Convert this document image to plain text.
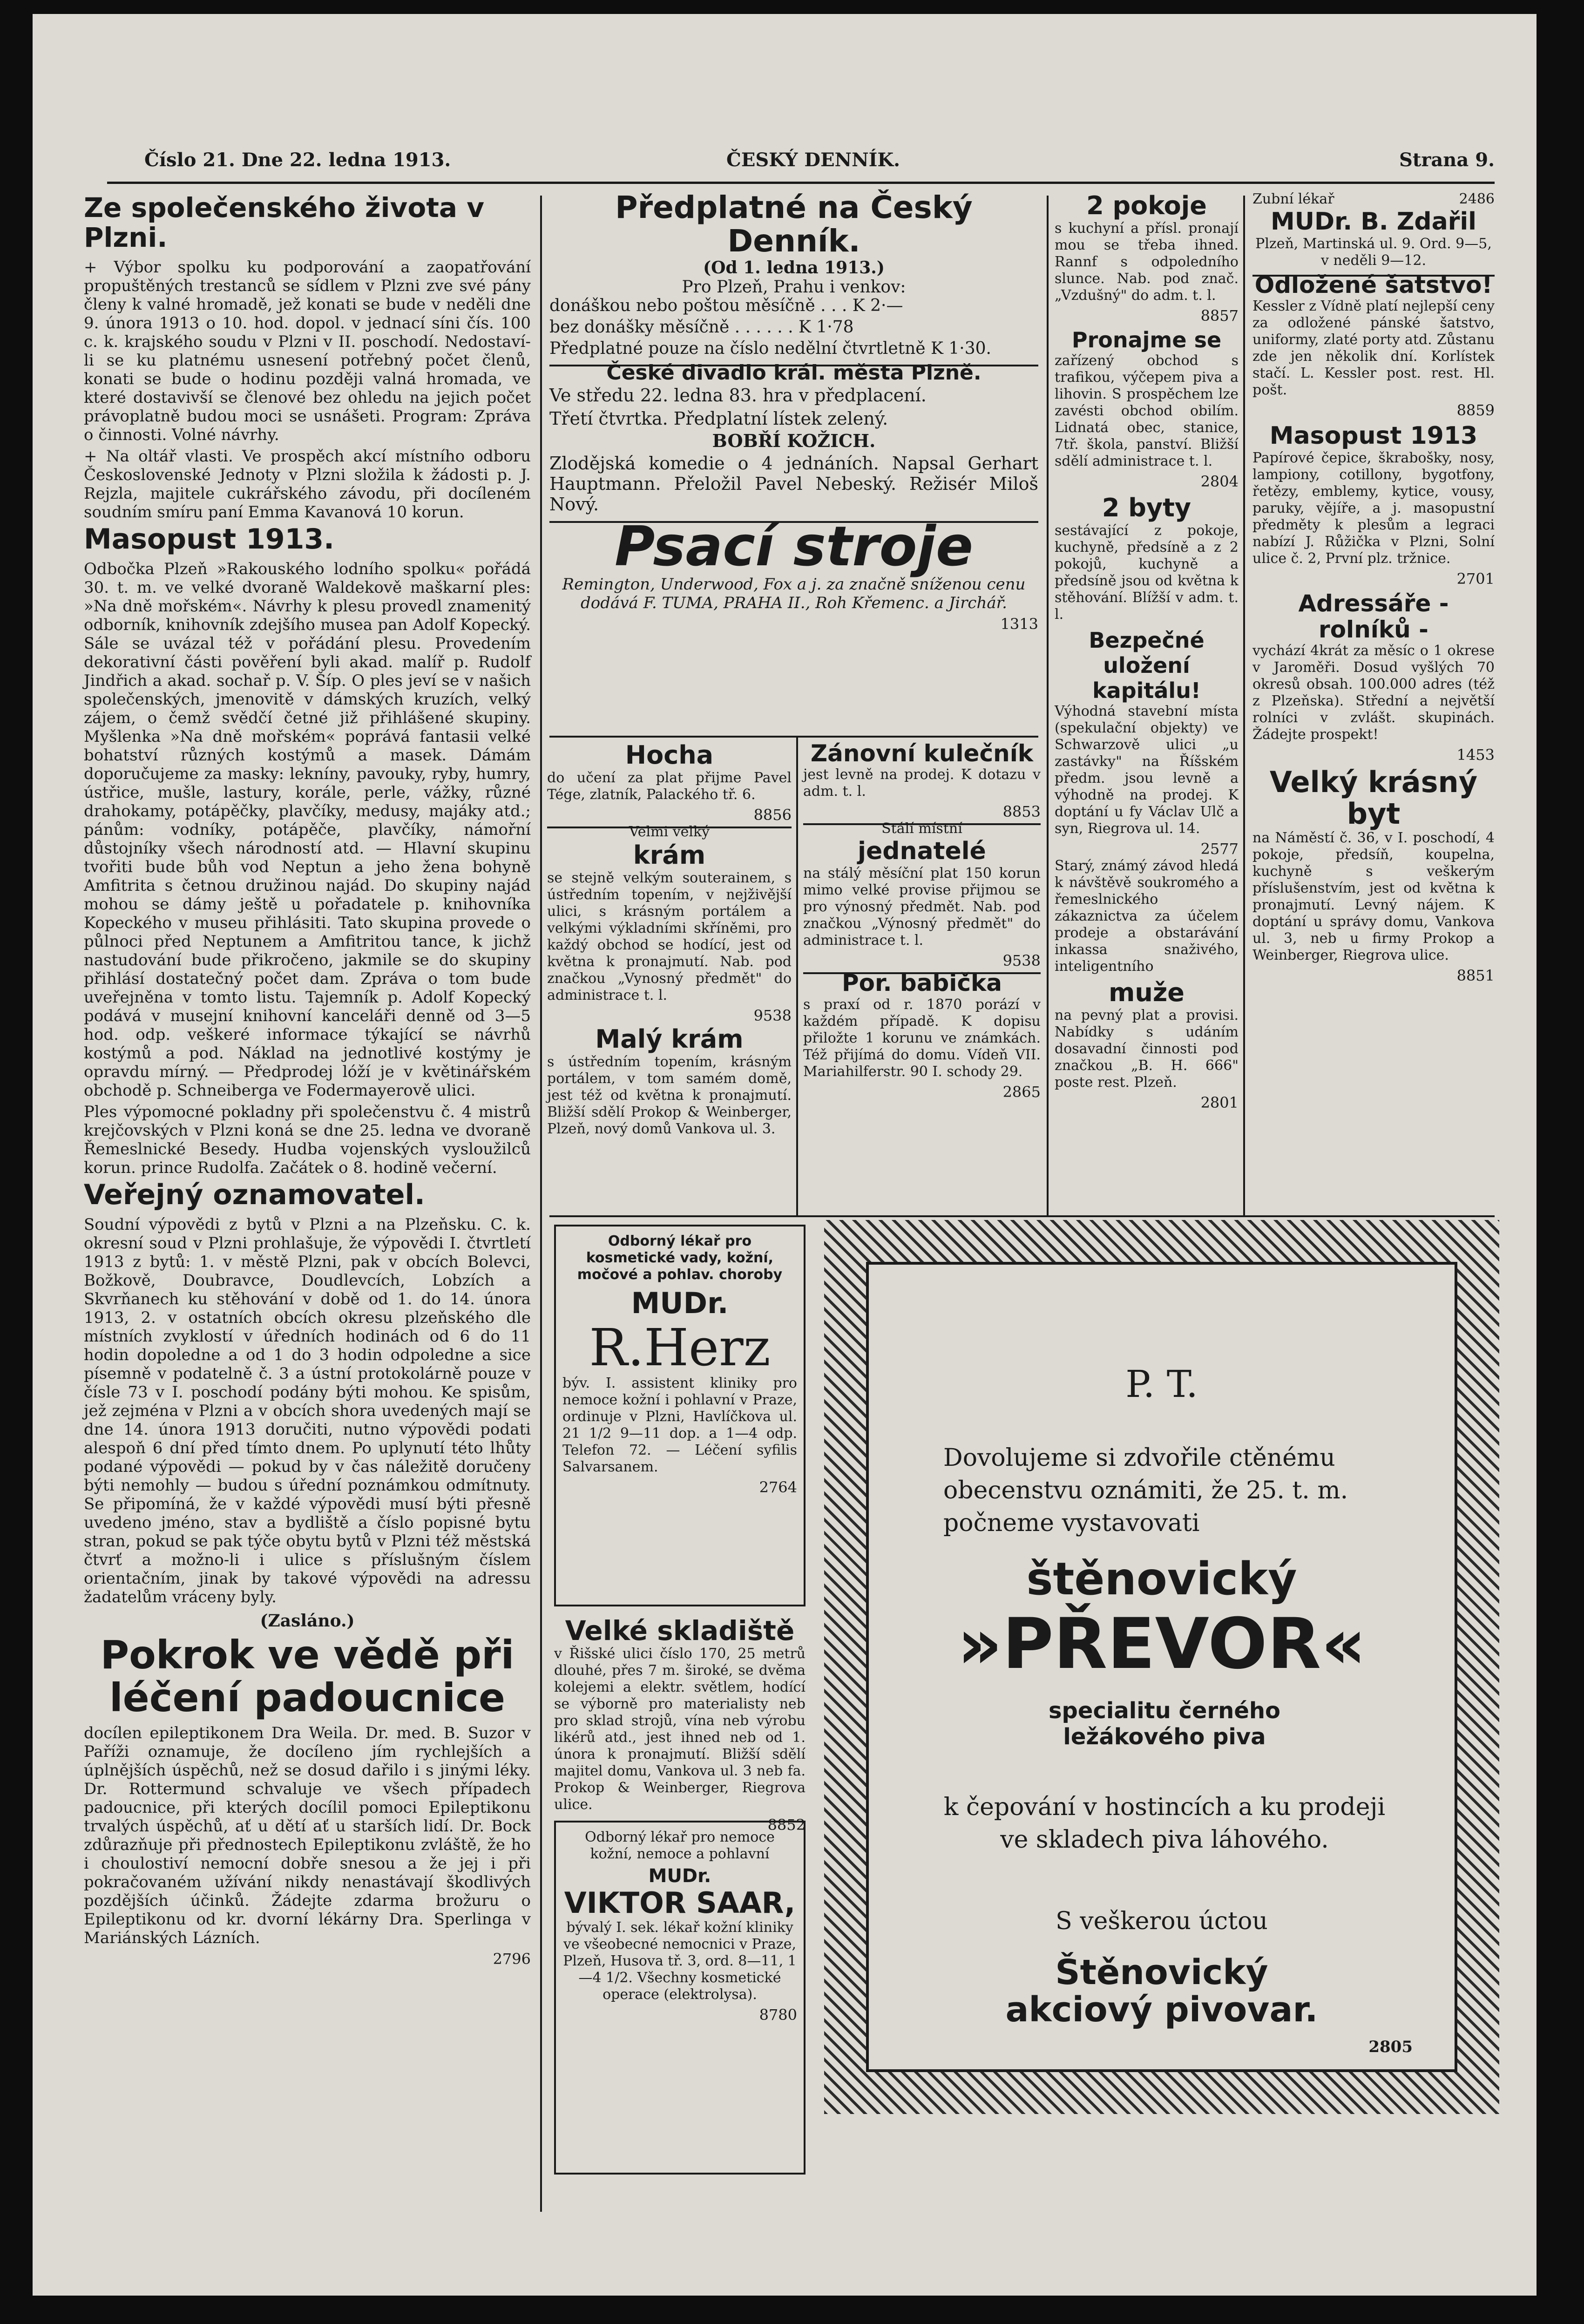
Číslo 21. Dne 22. ledna 1913.	ČESKÝ DENNÍK.	Strana 9.
Ze společenského života v Plzni.

+ Výbor spolku ku podporování a zaopatřování propuštěných trestanců se sídlem v Plzni zve své pány členy k valné hromadě, jež konati se bude v neděli dne 9. února 1913 o 10. hod. dopol. v jednací síni čís. 100 c. k. krajského soudu v Plzni v II. poschodí. Nedostaví-li se ku platnému usnesení potřebný počet členů, konati se bude o hodinu později valná hromada, ve které dostavivší se členové bez ohledu na jejich počet právoplatně budou moci se usnášeti. Program: Zpráva o činnosti. Volné návrhy.

+ Na oltář vlasti. Ve prospěch akcí místního odboru Československé Jednoty v Plzni složila k žádosti p. J. Rejzla, majitele cukrářského závodu, při docíleném soudním smíru paní Emma Kavanová 10 korun.

Masopust 1913.

Odbočka Plzeň »Rakouského lodního spolku« pořádá 30. t. m. ve velké dvoraně Waldekově maškarní ples: »Na dně mořském«. Návrhy k plesu provedl znamenitý odborník, knihovník zdejšího musea pan Adolf Kopecký. Sále se uvázal též v pořádání plesu. Provedením dekorativní části pověření byli akad. malíř p. Rudolf Jindřich a akad. sochař p. V. Šíp. O ples jeví se v našich společenských, jmenovitě v dámských kruzích, velký zájem, o čemž svědčí četné již přihlášené skupiny. Myšlenka »Na dně mořském« poprává fantasii velké bohatství různých kostýmů a masek. Dámám doporučujeme za masky: lekníny, pavouky, ryby, humry, ústřice, mušle, lastury, korále, perle, vážky, různé drahokamy, potápěčky, plavčíky, medusy, majáky atd.; pánům: vodníky, potápěče, plavčíky, námořní důstojníky všech národností atd. — Hlavní skupinu tvořiti bude bůh vod Neptun a jeho žena bohyně Amfitrita s četnou družinou najád. Do skupiny najád mohou se dámy ještě u pořadatele p. knihovníka Kopeckého v museu přihlásiti. Tato skupina provede o půlnoci před Neptunem a Amfitritou tance, k jichž nastudování bude přikročeno, jakmile se do skupiny přihlásí dostatečný počet dam. Zpráva o tom bude uveřejněna v tomto listu. Tajemník p. Adolf Kopecký podává v musejní knihovní kanceláři denně od 3—5 hod. odp. veškeré informace týkající se návrhů kostýmů a pod. Náklad na jednotlivé kostýmy je opravdu mírný. — Předprodej lóží je v květinářském obchodě p. Schneiberga ve Fodermayerově ulici.

Ples výpomocné pokladny při společenstvu č. 4 mistrů krejčovských v Plzni koná se dne 25. ledna ve dvoraně Řemeslnické Besedy. Hudba vojenských vysloužilců korun. prince Rudolfa. Začátek o 8. hodině večerní.

Veřejný oznamovatel.

Soudní výpovědi z bytů v Plzni a na Plzeňsku. C. k. okresní soud v Plzni prohlašuje, že výpovědi I. čtvrtletí 1913 z bytů: 1. v městě Plzni, pak v obcích Bolevci, Božkově, Doubravce, Doudlevcích, Lobzích a Skvrňanech ku stěhování v době od 1. do 14. února 1913, 2. v ostatních obcích okresu plzeňského dle místních zvyklostí v úředních hodinách od 6 do 11 hodin dopoledne a od 1 do 3 hodin odpoledne a sice písemně v podatelně č. 3 a ústní protokolárně pouze v čísle 73 v I. poschodí podány býti mohou. Ke spisům, jež zejména v Plzni a v obcích shora uvedených mají se dne 14. února 1913 doručiti, nutno výpovědi podati alespoň 6 dní před tímto dnem. Po uplynutí této lhůty podané výpovědi — pokud by v čas náležitě doručeny býti nemohly — budou s úřední poznámkou odmítnuty. Se připomíná, že v každé výpovědi musí býti přesně uvedeno jméno, stav a bydliště a číslo popisné bytu stran, pokud se pak týče obytu bytů v Plzni též městská čtvrť a možno-li i ulice s příslušným číslem orientačním, jinak by takové výpovědi na adressu žadatelům vráceny byly.

(Zasláno.)
Pokrok ve vědě při léčení padoucnice

docílen epileptikonem Dra Weila. Dr. med. B. Suzor v Paříži oznamuje, že docíleno jím rychlejších a úplnějších úspěchů, než se dosud dařilo i s jinými léky. Dr. Rottermund schvaluje ve všech případech padoucnice, při kterých docílil pomoci Epileptikonu trvalých úspěchů, ať u dětí ať u starších lidí. Dr. Bock zdůrazňuje při přednostech Epileptikonu zvláště, že ho i choulostiví nemocní dobře snesou a že jej i při pokračovaném užívání nikdy nenastávají škodlivých pozdějších účinků. Žádejte zdarma brožuru o Epileptikonu od kr. dvorní lékárny Dra. Sperlinga v Mariánských Lázních.

2796
Předplatné na Český Denník.
(Od 1. ledna 1913.)
Pro Plzeň, Prahu i venkov:

donáškou nebo poštou měsíčně . . . K 2·—

bez donášky měsíčně . . . . . . K 1·78

Předplatné pouze na číslo nedělní čtvrtletně K 1·30.

České divadlo král. města Plzně.

Ve středu 22. ledna 83. hra v předplacení.

Třetí čtvrtka. Předplatní lístek zelený.

BOBŘÍ KOŽICH.

Zlodějská komedie o 4 jednáních. Napsal Gerhart Hauptmann. Přeložil Pavel Nebeský. Režisér Miloš Nový.

Psací stroje

Remington, Underwood, Fox a j. za značně sníženou cenu dodává F. TUMA, PRAHA II., Roh Křemenc. a Jirchář.

1313
Hocha

do učení za plat přijme Pavel Tége, zlatník, Palackého tř. 6.

8856
Velmi velký
krám

se stejně velkým souterainem, s ústředním topením, v nejživější ulici, s krásným portálem a velkými výkladními skříněmi, pro každý obchod se hodící, jest od května k pronajmutí. Nab. pod značkou „Vynosný předmět" do administrace t. l.

9538
Malý krám

s ústředním topením, krásným portálem, v tom samém domě, jest též od května k pronajmutí. Bližší sdělí Prokop & Weinberger, Plzeň, nový domů Vankova ul. 3.

Zánovní kulečník

jest levně na prodej. K dotazu v adm. t. l.

8853
Stálí místní
jednatelé

na stálý měsíční plat 150 korun mimo velké provise přijmou se pro výnosný předmět. Nab. pod značkou „Výnosný předmět" do administrace t. l.

9538
Por. babička

s praxí od r. 1870 porází v každém případě. K dopisu přiložte 1 korunu ve známkách. Též přijímá do domu. Vídeň VII. Mariahilferstr. 90 I. schody 29.

2865
2 pokoje

s kuchyní a přísl. pronají mou se třeba ihned. Rannf s odpoledního slunce. Nab. pod znač. „Vzdušný" do adm. t. l.

8857
Pronajme se

zařízený obchod s trafikou, výčepem piva a lihovin. S prospěchem lze zavésti obchod obilím. Lidnatá obec, stanice, 7tř. škola, panství. Bližší sdělí administrace t. l.

2804
2 byty

sestávající z pokoje, kuchyně, předsíně a z 2 pokojů, kuchyně a předsíně jsou od května k stěhování. Blížší v adm. t. l.

Bezpečné uložení kapitálu!

Výhodná stavební místa (spekulační objekty) ve Schwarzově ulici „u zastávky" na Říšském předm. jsou levně a výhodně na prodej. K doptání u fy Václav Ulč a syn, Riegrova ul. 14.

2577

Starý, známý závod hledá k návštěvě soukromého a řemeslnického zákaznictva za účelem prodeje a obstarávání inkassa snaživého, inteligentního

muže

na pevný plat a provisi. Nabídky s udáním dosavadní činnosti pod značkou „B. H. 666" poste rest. Plzeň.

2801
Zubní lékař	2486
MUDr. B. Zdařil

Plzeň, Martinská ul. 9. Ord. 9—5, v neděli 9—12.

Odložené šatstvo!

Kessler z Vídně platí nejlepší ceny za odložené pánské šatstvo, uniformy, zlaté porty atd. Zůstanu zde jen několik dní. Korlístek stačí. L. Kessler post. rest. Hl. pošt.

8859
Masopust 1913

Papírové čepice, škrabošky, nosy, lampiony, cotillony, bygotfony, řetězy, emblemy, kytice, vousy, paruky, vějíře, a j. masopustní předměty k plesům a legraci nabízí J. Růžička v Plzni, Solní ulice č. 2, První plz. tržnice.

2701
Adressáře - rolníků -

vychází 4krát za měsíc o 1 okrese v Jaroměři. Dosud vyšlých 70 okresů obsah. 100.000 adres (též z Plzeňska). Střední a největší rolníci v zvlášt. skupinách. Žádejte prospekt!

1453
Velký krásný byt

na Náměstí č. 36, v I. poschodí, 4 pokoje, předsíň, koupelna, kuchyně s veškerým příslušenstvím, jest od května k pronajmutí. Levný nájem. K doptání u správy domu, Vankova ul. 3, neb u firmy Prokop a Weinberger, Riegrova ulice.

8851

Odborný lékař pro kosmetické vady, kožní, močové a pohlav. choroby

MUDr.
R.Herz

býv. I. assistent kliniky pro nemoce kožní i pohlavní v Praze, ordinuje v Plzni, Havlíčkova ul. 21 1/2 9—11 dop. a 1—4 odp. Telefon 72. — Léčení syfilis Salvarsanem.

2764
Velké skladiště

v Řišské ulici číslo 170, 25 metrů dlouhé, přes 7 m. široké, se dvěma kolejemi a elektr. světlem, hodící se výborně pro materialisty neb pro sklad strojů, vína neb výrobu likérů atd., jest ihned neb od 1. února k pronajmutí. Bližší sdělí majitel domu, Vankova ul. 3 neb fa. Prokop & Weinberger, Riegrova ulice.

8852

Odborný lékař pro nemoce kožní, nemoce a pohlavní

MUDr.
VIKTOR SAAR,

bývalý I. sek. lékař kožní kliniky ve všeobecné nemocnici v Praze, Plzeň, Husova tř. 3, ord. 8—11, 1—4 1/2. Všechny kosmetické operace (elektrolysa).

8780
P. T.
Dovolujeme si zdvořile ctěnému obecenstvu oznámiti, že 25. t. m. počneme vystavovati
štěnovický
»PŘEVOR«
specialitu černého ležákového piva
k čepování v hostincích a ku prodeji ve skladech piva láhového.
S veškerou úctou
Štěnovický
akciový pivovar.
2805
